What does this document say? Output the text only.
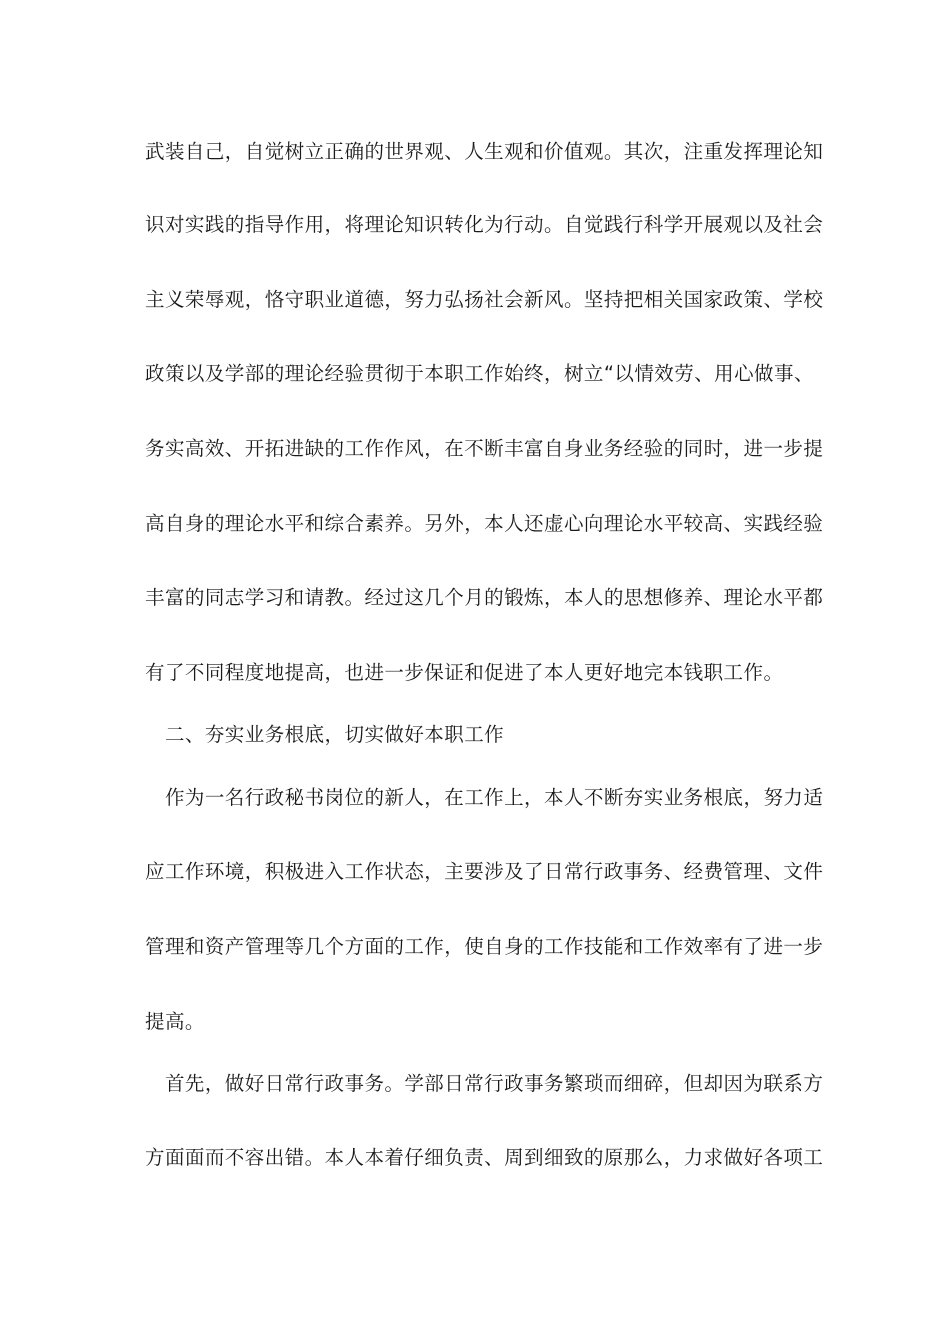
武装自己，自觉树立正确的世界观、人生观和价值观。其次，注重发挥理论知
识对实践的指导作用，将理论知识转化为行动。自觉践行科学开展观以及社会
主义荣辱观，恪守职业道德，努力弘扬社会新风。坚持把相关国家政策、学校
政策以及学部的理论经验贯彻于本职工作始终，树立“以情效劳、用心做事、
务实高效、开拓进缺的工作作风，在不断丰富自身业务经验的同时，进一步提
高自身的理论水平和综合素养。另外，本人还虚心向理论水平较高、实践经验
丰富的同志学习和请教。经过这几个月的锻炼，本人的思想修养、理论水平都
有了不同程度地提高，也进一步保证和促进了本人更好地完本钱职工作。
　二、夯实业务根底，切实做好本职工作
　作为一名行政秘书岗位的新人，在工作上，本人不断夯实业务根底，努力适
应工作环境，积极进入工作状态，主要涉及了日常行政事务、经费管理、文件
管理和资产管理等几个方面的工作，使自身的工作技能和工作效率有了进一步
提高。
　首先，做好日常行政事务。学部日常行政事务繁琐而细碎，但却因为联系方
方面面而不容出错。本人本着仔细负责、周到细致的原那么，力求做好各项工
